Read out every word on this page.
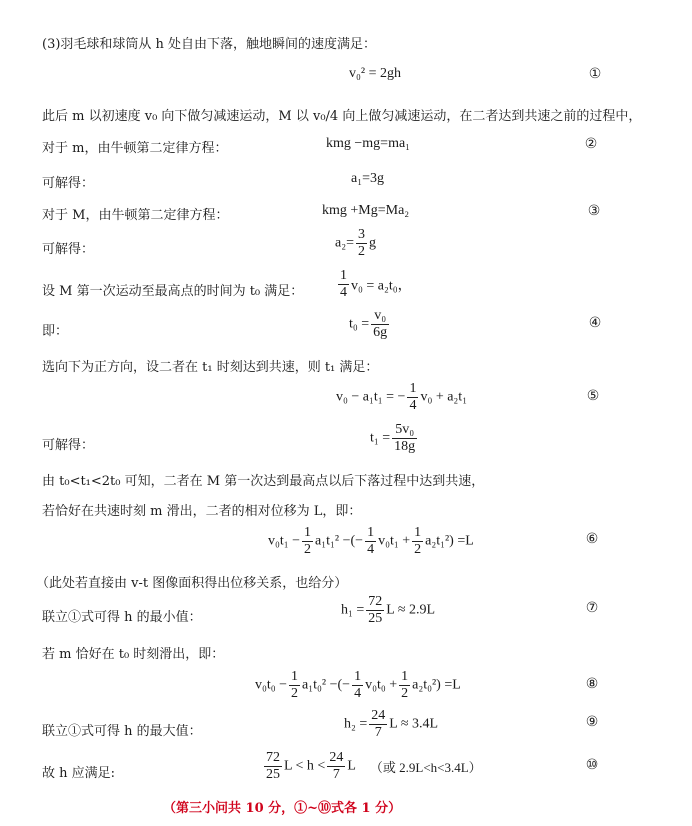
(3)羽毛球和球筒从 h 处自由下落，触地瞬间的速度满足：
v₀² = 2gh	①
此后 m 以初速度 v₀ 向下做匀减速运动，M 以 v₀/4 向上做匀减速运动，在二者达到共速之前的过程中，
对于 m，由牛顿第二定律方程：	kmg −mg=ma₁	②
可解得：	a₁=3g
对于 M，由牛顿第二定律方程：	kmg +Mg=Ma₂	③
可解得：	$a_2= \frac{3}{2}$ g
设 M 第一次运动至最高点的时间为 t₀ 满足： $\frac{1}{4} v_0 = a_2t_0$，
即：	$t_0 = \frac{\text{v₀}}{6g}$	④
选向下为正方向，设二者在 t₁ 时刻达到共速，则 t₁ 满足：
v₀ − a₁t₁ = − $\frac{1}{4} v_0 + a_2t_1$	⑤
可解得：	$t_1 = \frac{\text{5v₀}}{18g}$
由 t₀<t₁<2t₀ 可知，二者在 M 第一次达到最高点以后下落过程中达到共速，
若恰好在共速时刻 m 滑出，二者的相对位移为 L，即：
$v_0t_1 - \frac{1}{2} a_1t_1^2$ −(− $\frac{1}{4} v_0t_1 + \frac{1}{2} a_2t_1^2) =L$	⑥
（此处若直接由 v-t 图像面积得出位移关系，也给分）
联立①式可得 h 的最小值：	$h_1 = \frac{72}{25}$ L ≈ 2.9L	⑦
若 m 恰好在 t₀ 时刻滑出，即：
$v_0t_0 - \frac{1}{2} a_1t_0^2$ −(− $\frac{1}{4} v_0t_0 + \frac{1}{2} a_2t_0^2) =L$	⑧
联立①式可得 h 的最大值：	$h_2 = \frac{24}{7}$ L ≈ 3.4L	⑨
故 h 应满足:	$\frac{72}{25}$ $L < h < \frac{24}{7}$ L （或 2.9L<h<3.4L）	⑩
（第三小问共 10 分，①~⑩式各 1 分）
